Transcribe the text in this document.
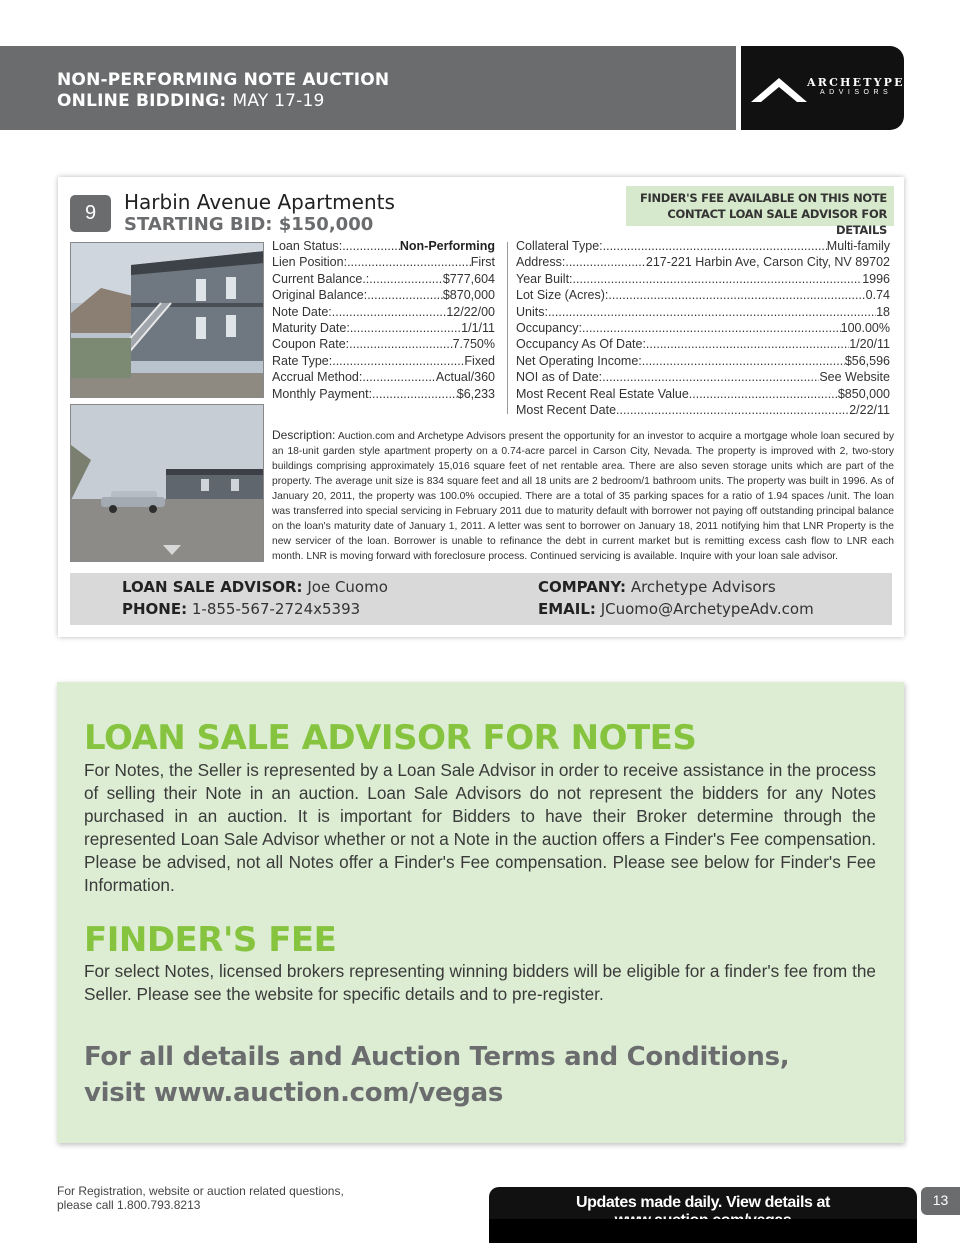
NON-PERFORMING NOTE AUCTION
ONLINE BIDDING: MAY 17-19
ARCHETYPE
ADVISORS
9	Harbin Avenue Apartments
STARTING BID: $150,000
FINDER'S FEE AVAILABLE ON THIS NOTE
CONTACT LOAN SALE ADVISOR FOR DETAILS
Loan Status: .....	Non-Performing
Lien Position: .....	First
Current Balance.: .....	$777,604
Original Balance: .....	$870,000
Note Date: .....	12/22/00
Maturity Date: .....	1/1/11
Coupon Rate: .....	7.750%
Rate Type: .....	Fixed
Accrual Method: .....	Actual/360
Monthly Payment: .....	$6,233
Collateral Type: .....	Multi-family
Address: .....	217-221 Harbin Ave, Carson City, NV 89702
Year Built: .....	1996
Lot Size (Acres): .....	0.74
Units: .....	18
Occupancy: .....	100.00%
Occupancy As Of Date: .....	1/20/11
Net Operating Income: .....	$56,596
NOI as of Date: .....	See Website
Most Recent Real Estate Value .....	$850,000
Most Recent Date .....	2/22/11
Description: Auction.com and Archetype Advisors present the opportunity for an investor to acquire a mortgage whole loan secured by an 18-unit garden style apartment property on a 0.74-acre parcel in Carson City, Nevada. The property is improved with 2, two-story buildings comprising approximately 15,016 square feet of net rentable area. There are also seven storage units which are part of the property. The average unit size is 834 square feet and all 18 units are 2 bedroom/1 bathroom units. The property was built in 1996. As of January 20, 2011, the property was 100.0% occupied. There are a total of 35 parking spaces for a ratio of 1.94 spaces /unit. The loan was transferred into special servicing in February 2011 due to maturity default with borrower not paying off outstanding principal balance on the loan's maturity date of January 1, 2011. A letter was sent to borrower on January 18, 2011 notifying him that LNR Property is the new servicer of the loan. Borrower is unable to refinance the debt in current market but is remitting excess cash flow to LNR each month. LNR is moving forward with foreclosure process. Continued servicing is available. Inquire with your loan sale advisor.
LOAN SALE ADVISOR: Joe Cuomo
PHONE: 1-855-567-2724x5393
COMPANY: Archetype Advisors
EMAIL: JCuomo@ArchetypeAdv.com
LOAN SALE ADVISOR FOR NOTES
For Notes, the Seller is represented by a Loan Sale Advisor in order to receive assistance in the process of selling their Note in an auction. Loan Sale Advisors do not represent the bidders for any Notes purchased in an auction. It is important for Bidders to have their Broker determine through the represented Loan Sale Advisor whether or not a Note in the auction offers a Finder's Fee compensation. Please be advised, not all Notes offer a Finder's Fee compensation. Please see below for Finder's Fee Information.
FINDER'S FEE
For select Notes, licensed brokers representing winning bidders will be eligible for a finder's fee from the Seller. Please see the website for specific details and to pre-register.
For all details and Auction Terms and Conditions,
visit www.auction.com/vegas
For Registration, website or auction related questions,
please call 1.800.793.8213	Updates made daily. View details at	13
